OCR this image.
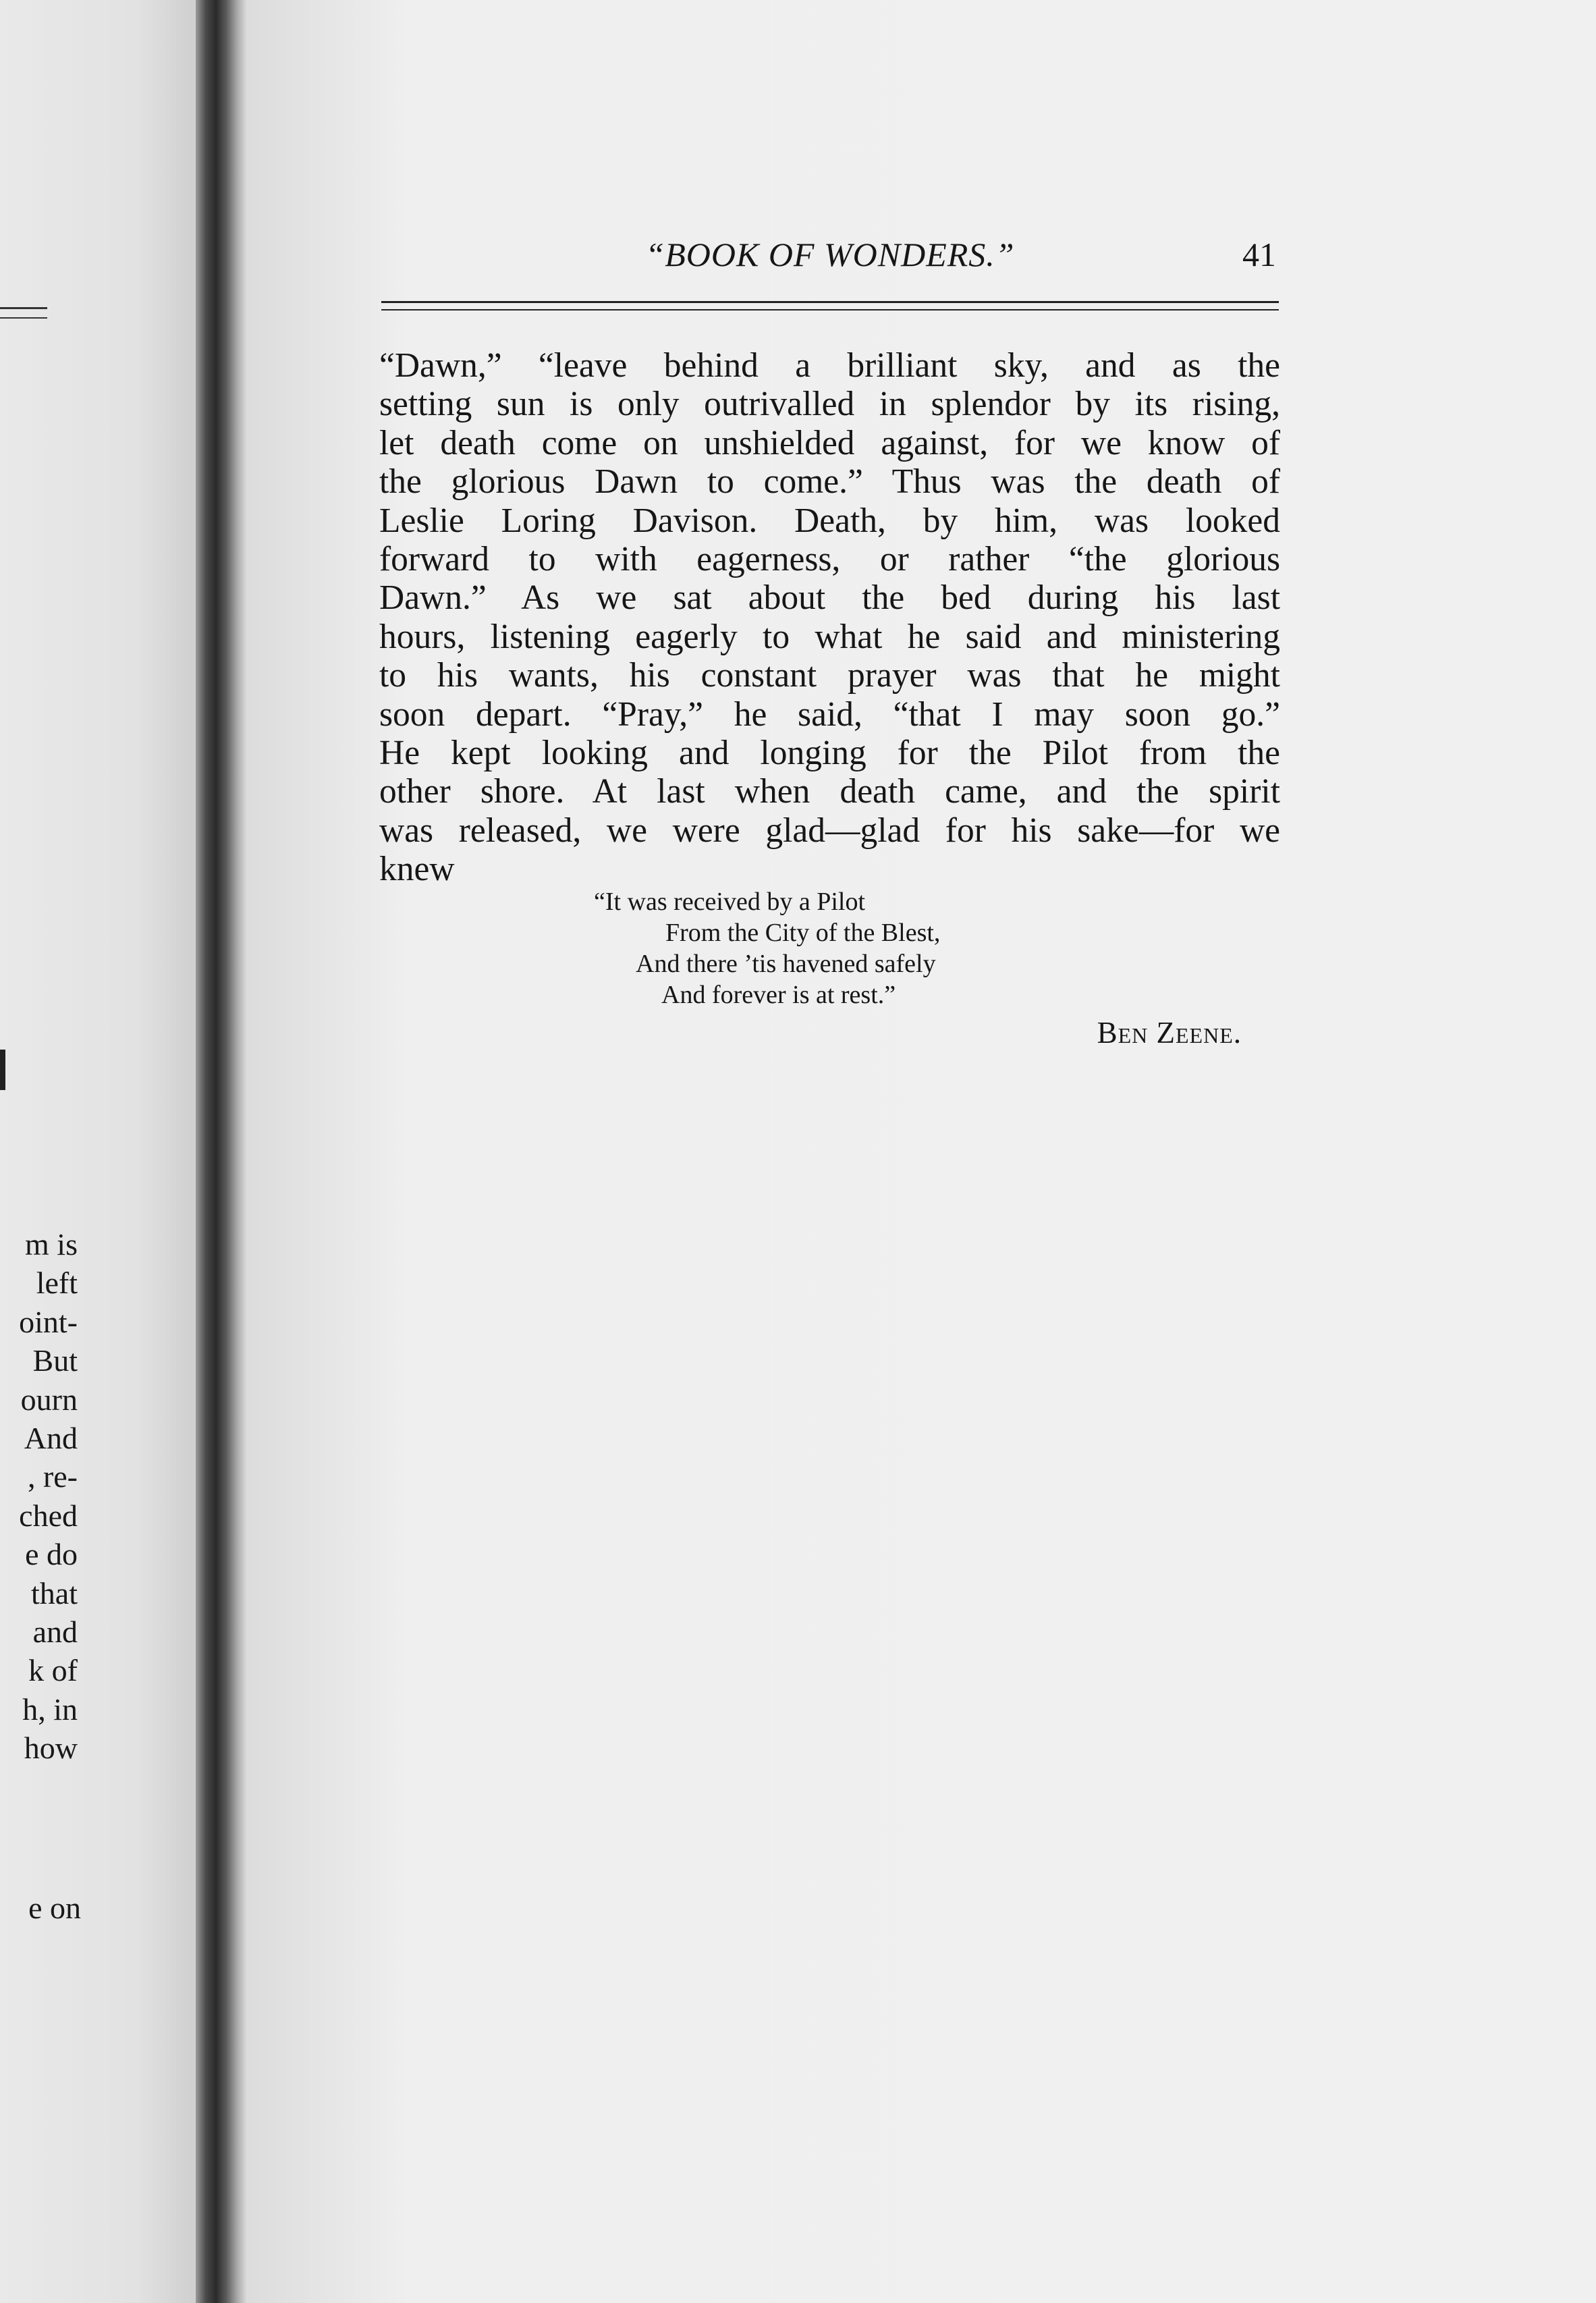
m is
left
oint-
But
ourn
And
, re-
ched
e do
that
and
k of
h, in
how
e on
“BOOK OF WONDERS.”	41
“Dawn,” “leave behind a brilliant sky, and as the
setting sun is only outrivalled in splendor by its rising,
let death come on unshielded against, for we know of
the glorious Dawn to come.” Thus was the death of
Leslie Loring Davison. Death, by him, was looked
forward to with eagerness, or rather “the glorious
Dawn.” As we sat about the bed during his last
hours, listening eagerly to what he said and ministering
to his wants, his constant prayer was that he might
soon depart. “Pray,” he said, “that I may soon go.”
He kept looking and longing for the Pilot from the
other shore. At last when death came, and the spirit
was released, we were glad—glad for his sake—for we
knew
“It was received by a Pilot
From the City of the Blest,
And there ’tis havened safely
And forever is at rest.”
Ben Zeene.
